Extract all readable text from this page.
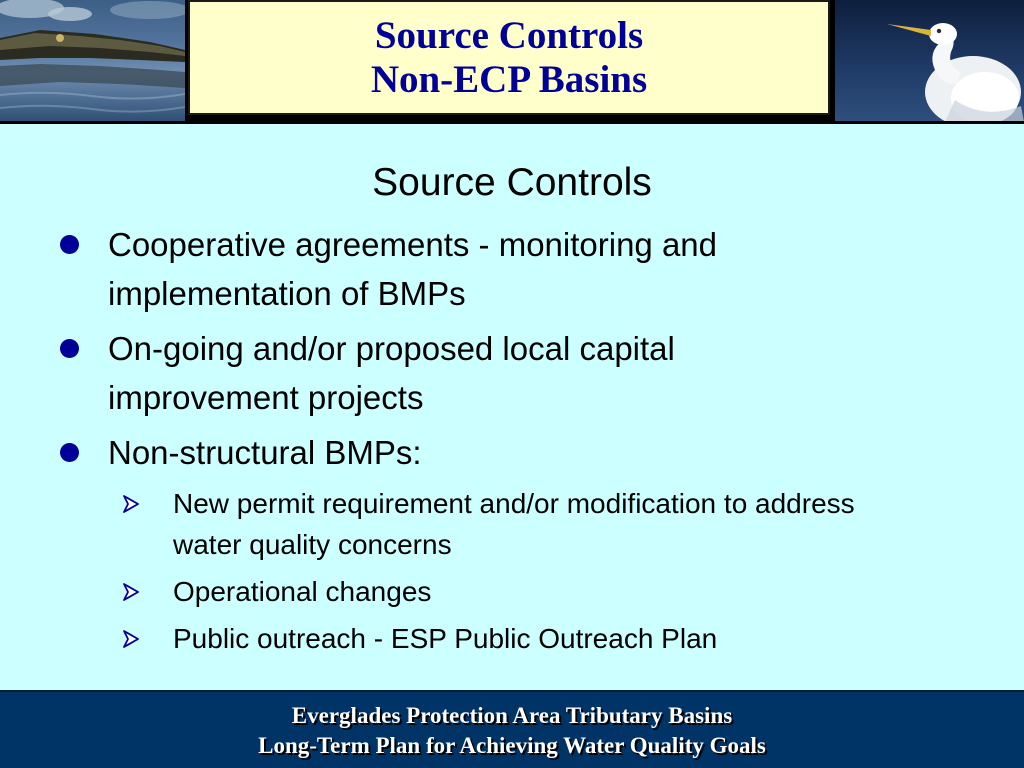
Source Controls
Non-ECP Basins
Source Controls
Cooperative agreements - monitoring and implementation of BMPs
On-going and/or proposed local capital improvement projects
Non-structural BMPs:
New permit requirement and/or modification to address water quality concerns
Operational changes
Public outreach - ESP Public Outreach Plan
Everglades Protection Area Tributary Basins
Long-Term Plan for Achieving Water Quality Goals
